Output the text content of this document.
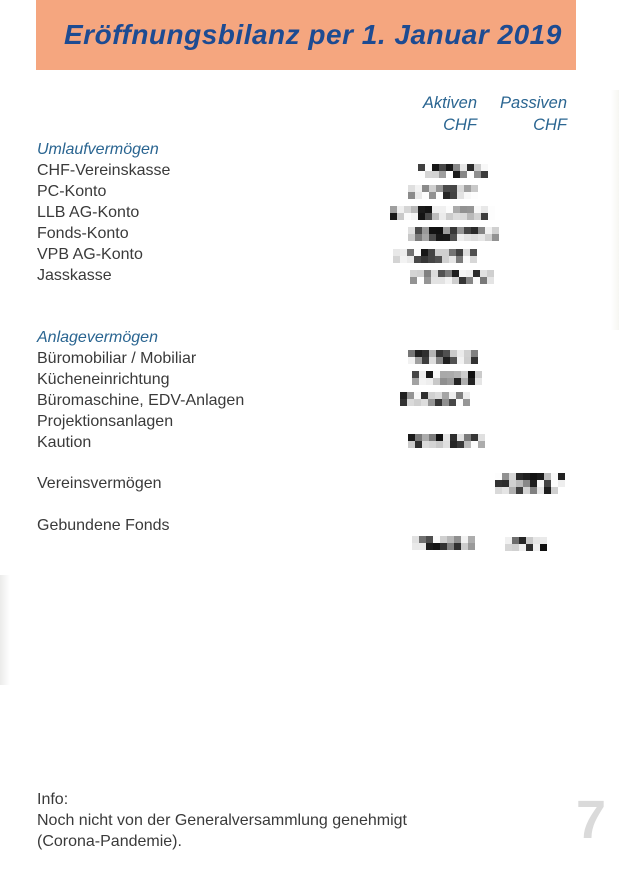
Eröffnungsbilanz per 1. Januar 2019
Aktiven
CHF
Passiven
CHF
Umlaufvermögen
CHF-Vereinskasse
PC-Konto
LLB AG-Konto
Fonds-Konto
VPB AG-Konto
Jasskasse
Anlagevermögen
Büromobiliar / Mobiliar
Kücheneinrichtung
Büromaschine, EDV-Anlagen
Projektionsanlagen
Kaution
Vereinsvermögen
Gebundene Fonds
Info:
Noch nicht von der Generalversammlung genehmigt
(Corona-Pandemie).	7
